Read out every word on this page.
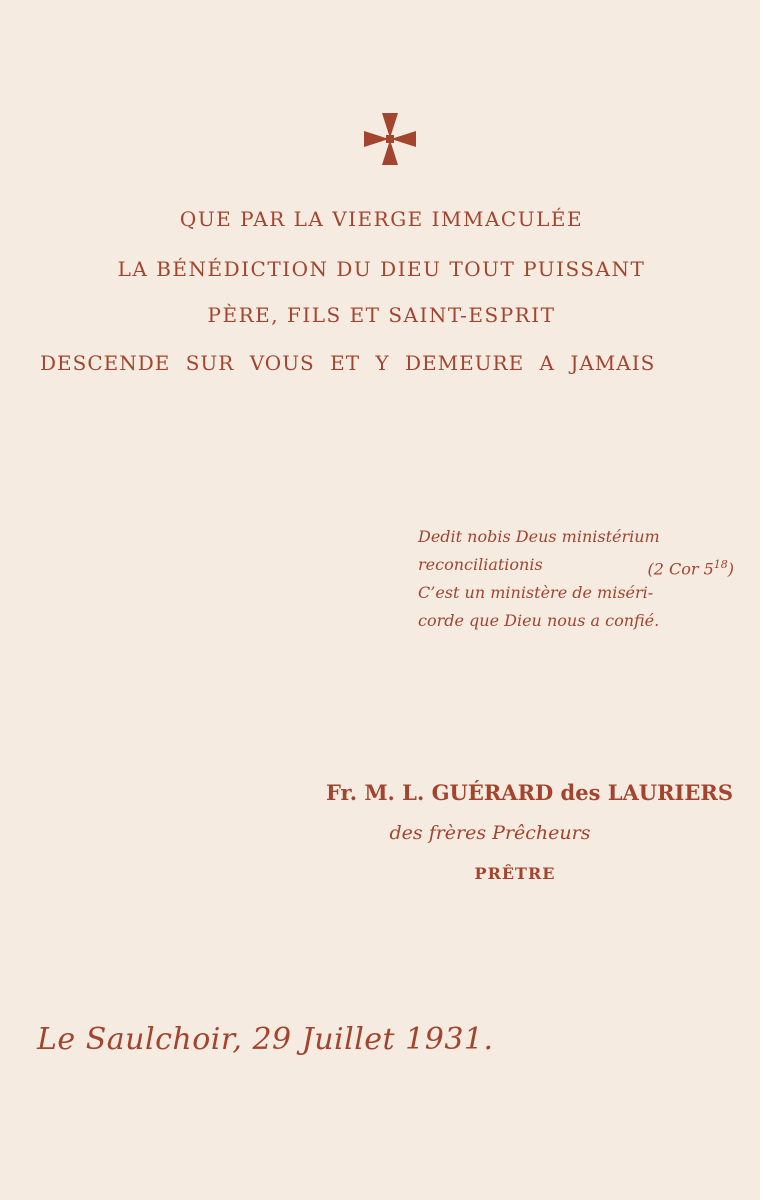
QUE PAR LA VIERGE IMMACULÉE
LA BÉNÉDICTION DU DIEU TOUT PUISSANT
PÈRE, FILS ET SAINT-ESPRIT
DESCENDE SUR VOUS ET Y DEMEURE A JAMAIS
Dedit nobis Deus ministérium
reconciliationis	(2 Cor $5^{18}$)
C’est un ministère de miséri-
corde que Dieu nous a confié.
Fr. M. L. GUÉRARD des LAURIERS
des frères Prêcheurs
PRÊTRE
Le Saulchoir, 29 Juillet 1931.
